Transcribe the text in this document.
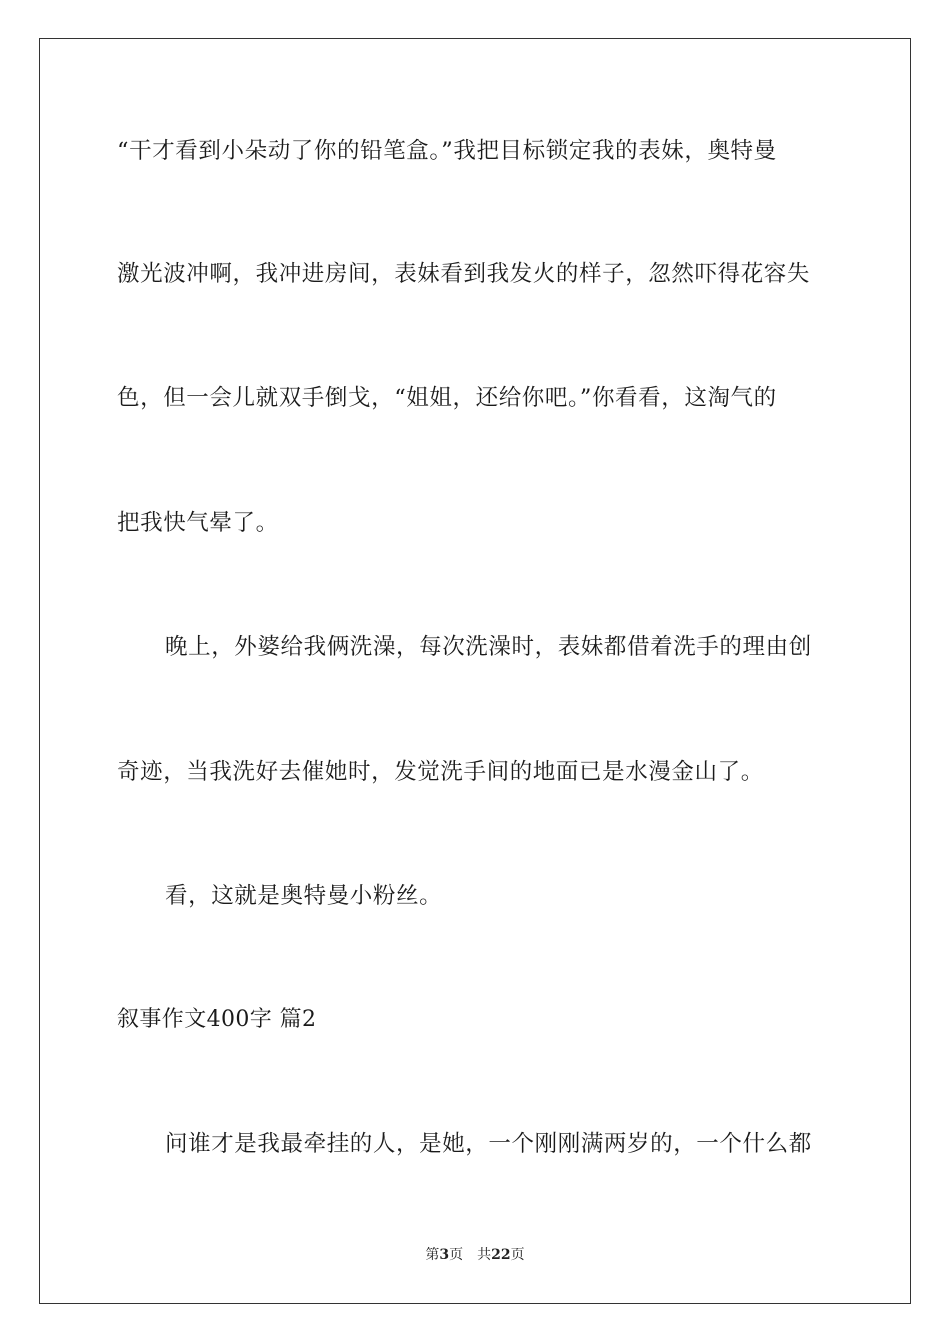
“干才看到小朵动了你的铅笔盒。”我把目标锁定我的表妹，奥特曼
激光波冲啊，我冲进房间，表妹看到我发火的样子，忽然吓得花容失
色，但一会儿就双手倒戈，“姐姐，还给你吧。”你看看，这淘气的
把我快气晕了。
晚上，外婆给我俩洗澡，每次洗澡时，表妹都借着洗手的理由创
奇迹，当我洗好去催她时，发觉洗手间的地面已是水漫金山了。
看，这就是奥特曼小粉丝。
叙事作文400字 篇2
问谁才是我最牵挂的人，是她，一个刚刚满两岁的，一个什么都
第3页 共22页
